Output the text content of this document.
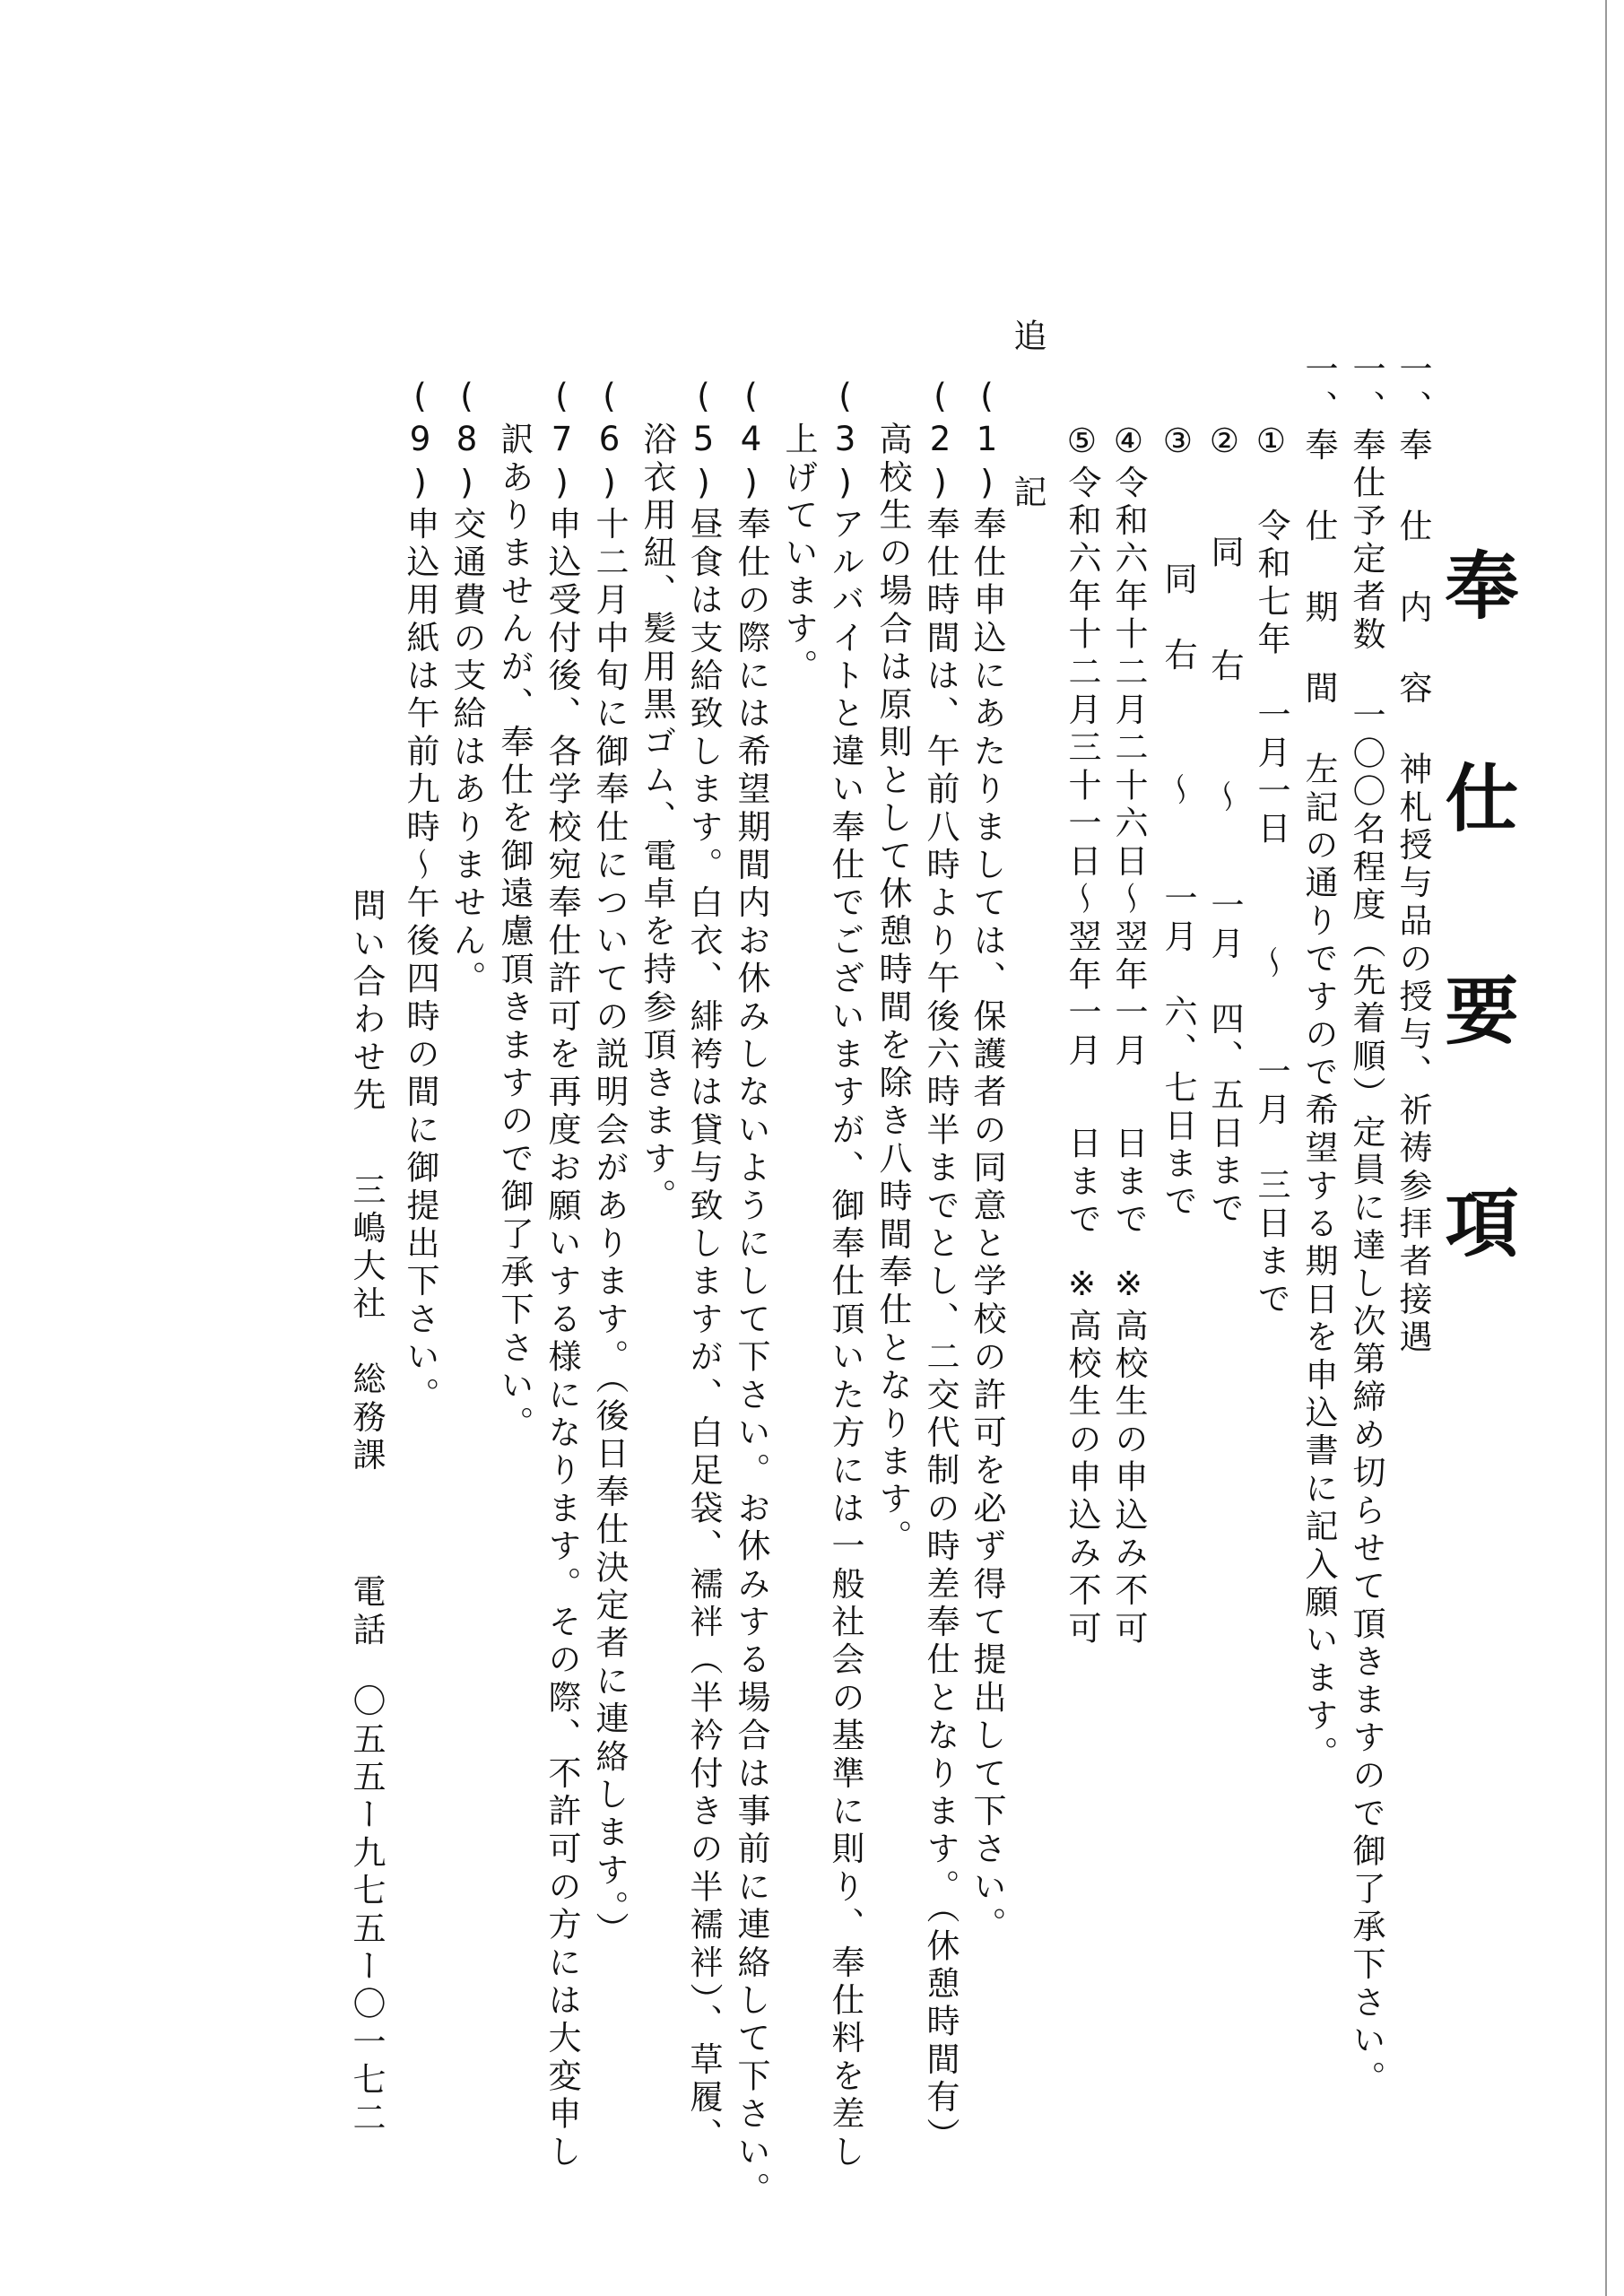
奉 仕 要 項
一、奉 仕 内 容神札授与品の授与、祈祷参拝者接遇
一、奉仕予定者数一〇〇名程度（先着順）定員に達し次第締め切らせて頂きますので御了承下さい。
一、奉 仕 期 間左記の通りですので希望する期日を申込書に記入願います。
① 令和七年　一月一日 〜 一月　三日まで
② 同　　右 〜 一月　四、五日まで
③ 同　右 〜 一月　六、七日まで
④令和六年十二月二十六日〜翌年一月日まで※高校生の申込み不可
⑤令和六年十二月三十一日〜翌年一月日まで※高校生の申込み不可
追　記
(1)奉仕申込にあたりましては、保護者の同意と学校の許可を必ず得て提出して下さい。
(2)奉仕時間は、午前八時より午後六時半までとし、二交代制の時差奉仕となります。（休憩時間有）
高校生の場合は原則として休憩時間を除き八時間奉仕となります。
(3)アルバイトと違い奉仕でございますが、御奉仕頂いた方には一般社会の基準に則り、奉仕料を差し
上げています。
(4)奉仕の際には希望期間内お休みしないようにして下さい。お休みする場合は事前に連絡して下さい。
(5)昼食は支給致します。白衣、緋袴は貸与致しますが、白足袋、襦袢（半衿付きの半襦袢）、草履、
浴衣用紐、髪用黒ゴム、電卓を持参頂きます。
(6)十二月中旬に御奉仕についての説明会があります。（後日奉仕決定者に連絡します。）
(7)申込受付後、各学校宛奉仕許可を再度お願いする様になります。その際、不許可の方には大変申し
訳ありませんが、奉仕を御遠慮頂きますので御了承下さい。
(8)交通費の支給はありません。
(9)申込用紙は午前九時〜午後四時の間に御提出下さい。
問い合わせ先三嶋大社　総務課電話〇五五ー九七五ー〇一七二
